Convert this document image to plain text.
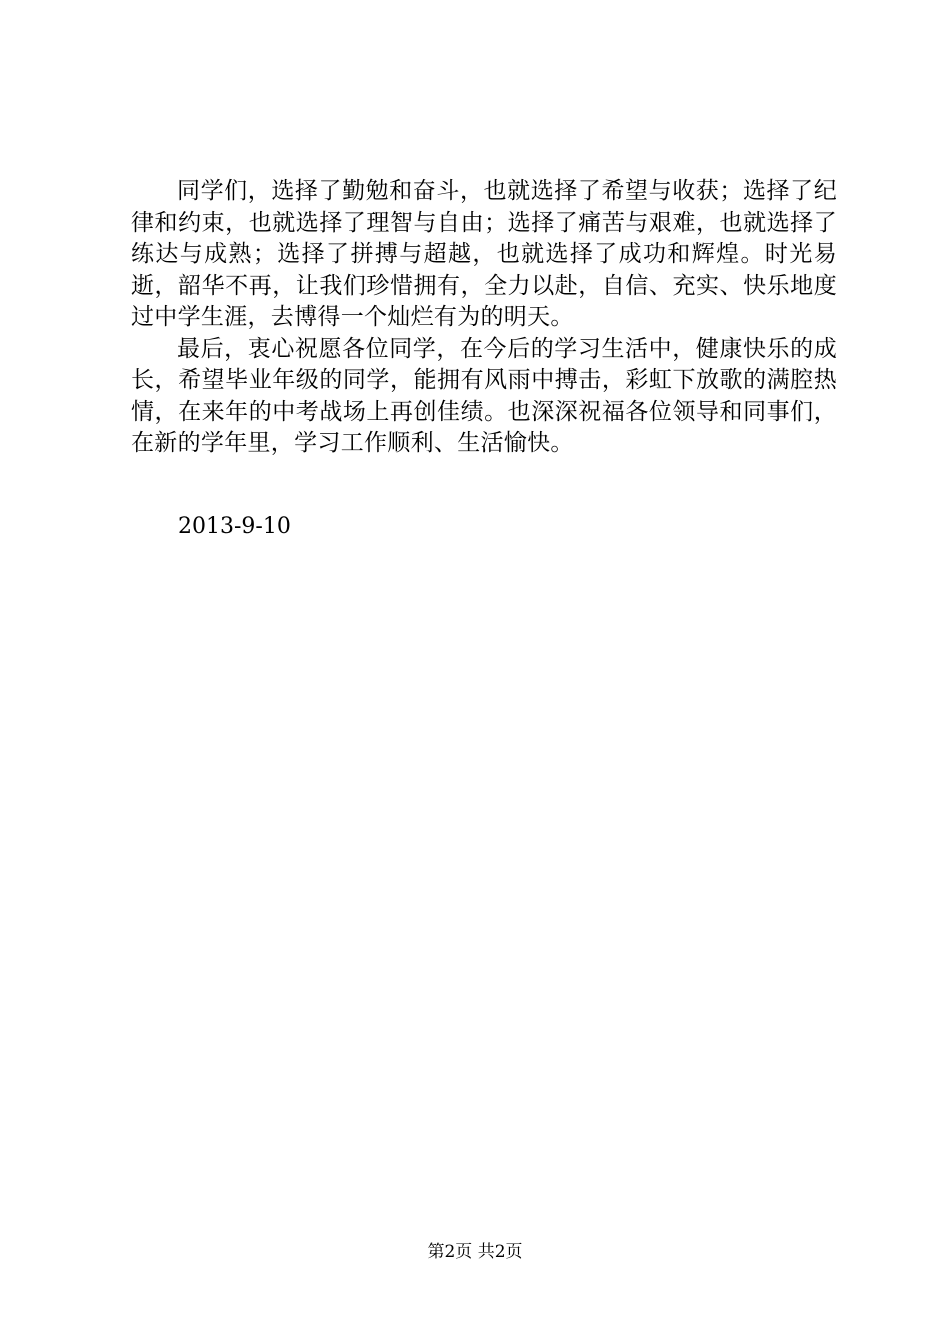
同学们，选择了勤勉和奋斗，也就选择了希望与收获；选择了纪律和约束，也就选择了理智与自由；选择了痛苦与艰难，也就选择了练达与成熟；选择了拼搏与超越，也就选择了成功和辉煌。时光易逝，韶华不再，让我们珍惜拥有，全力以赴，自信、充实、快乐地度过中学生涯，去博得一个灿烂有为的明天。

最后，衷心祝愿各位同学，在今后的学习生活中，健康快乐的成长，希望毕业年级的同学，能拥有风雨中搏击，彩虹下放歌的满腔热情，在来年的中考战场上再创佳绩。也深深祝福各位领导和同事们，在新的学年里，学习工作顺利、生活愉快。

2013-9-10
第2页 共2页
